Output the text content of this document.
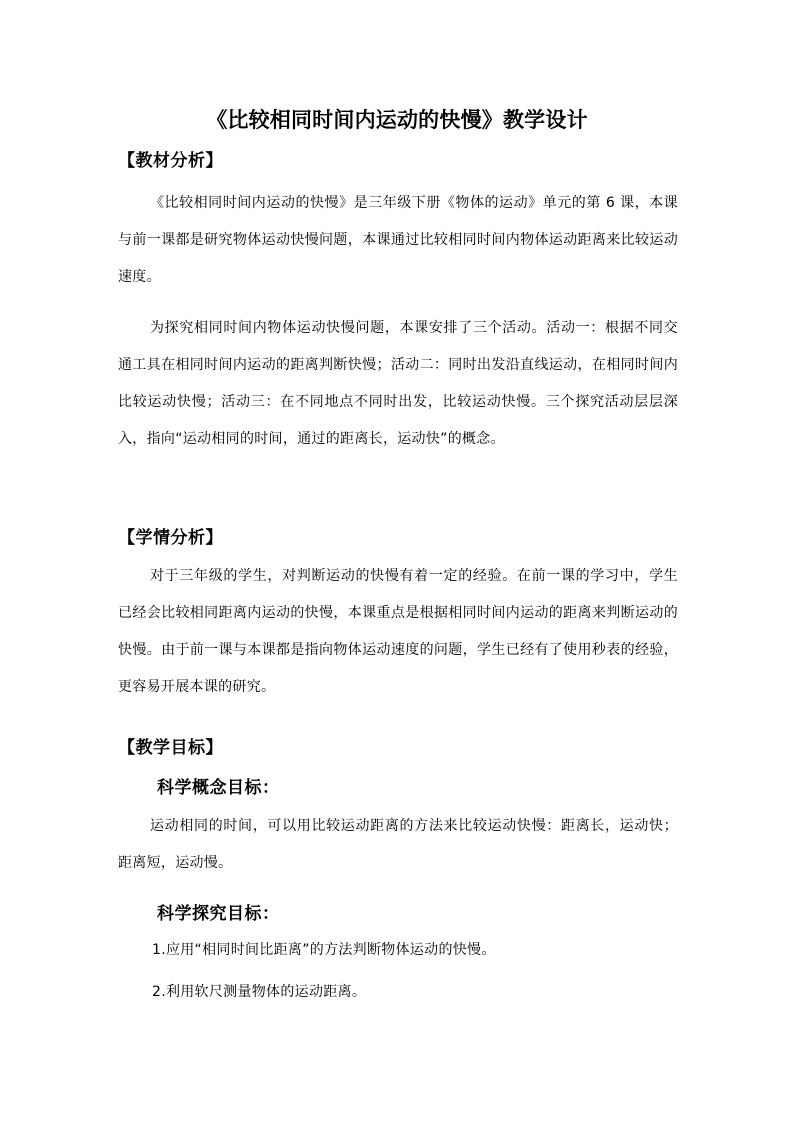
《比较相同时间内运动的快慢》教学设计
【教材分析】
《比较相同时间内运动的快慢》是三年级下册《物体的运动》单元的第 6 课，本课与前一课都是研究物体运动快慢问题，本课通过比较相同时间内物体运动距离来比较运动速度。
为探究相同时间内物体运动快慢问题，本课安排了三个活动。活动一：根据不同交通工具在相同时间内运动的距离判断快慢；活动二：同时出发沿直线运动，在相同时间内比较运动快慢；活动三：在不同地点不同时出发，比较运动快慢。三个探究活动层层深入，指向“运动相同的时间，通过的距离长，运动快”的概念。
【学情分析】
对于三年级的学生，对判断运动的快慢有着一定的经验。在前一课的学习中，学生已经会比较相同距离内运动的快慢，本课重点是根据相同时间内运动的距离来判断运动的快慢。由于前一课与本课都是指向物体运动速度的问题，学生已经有了使用秒表的经验，更容易开展本课的研究。
【教学目标】
科学概念目标：
运动相同的时间，可以用比较运动距离的方法来比较运动快慢：距离长，运动快；距离短，运动慢。
科学探究目标：
1.应用“相同时间比距离”的方法判断物体运动的快慢。
2.利用软尺测量物体的运动距离。
